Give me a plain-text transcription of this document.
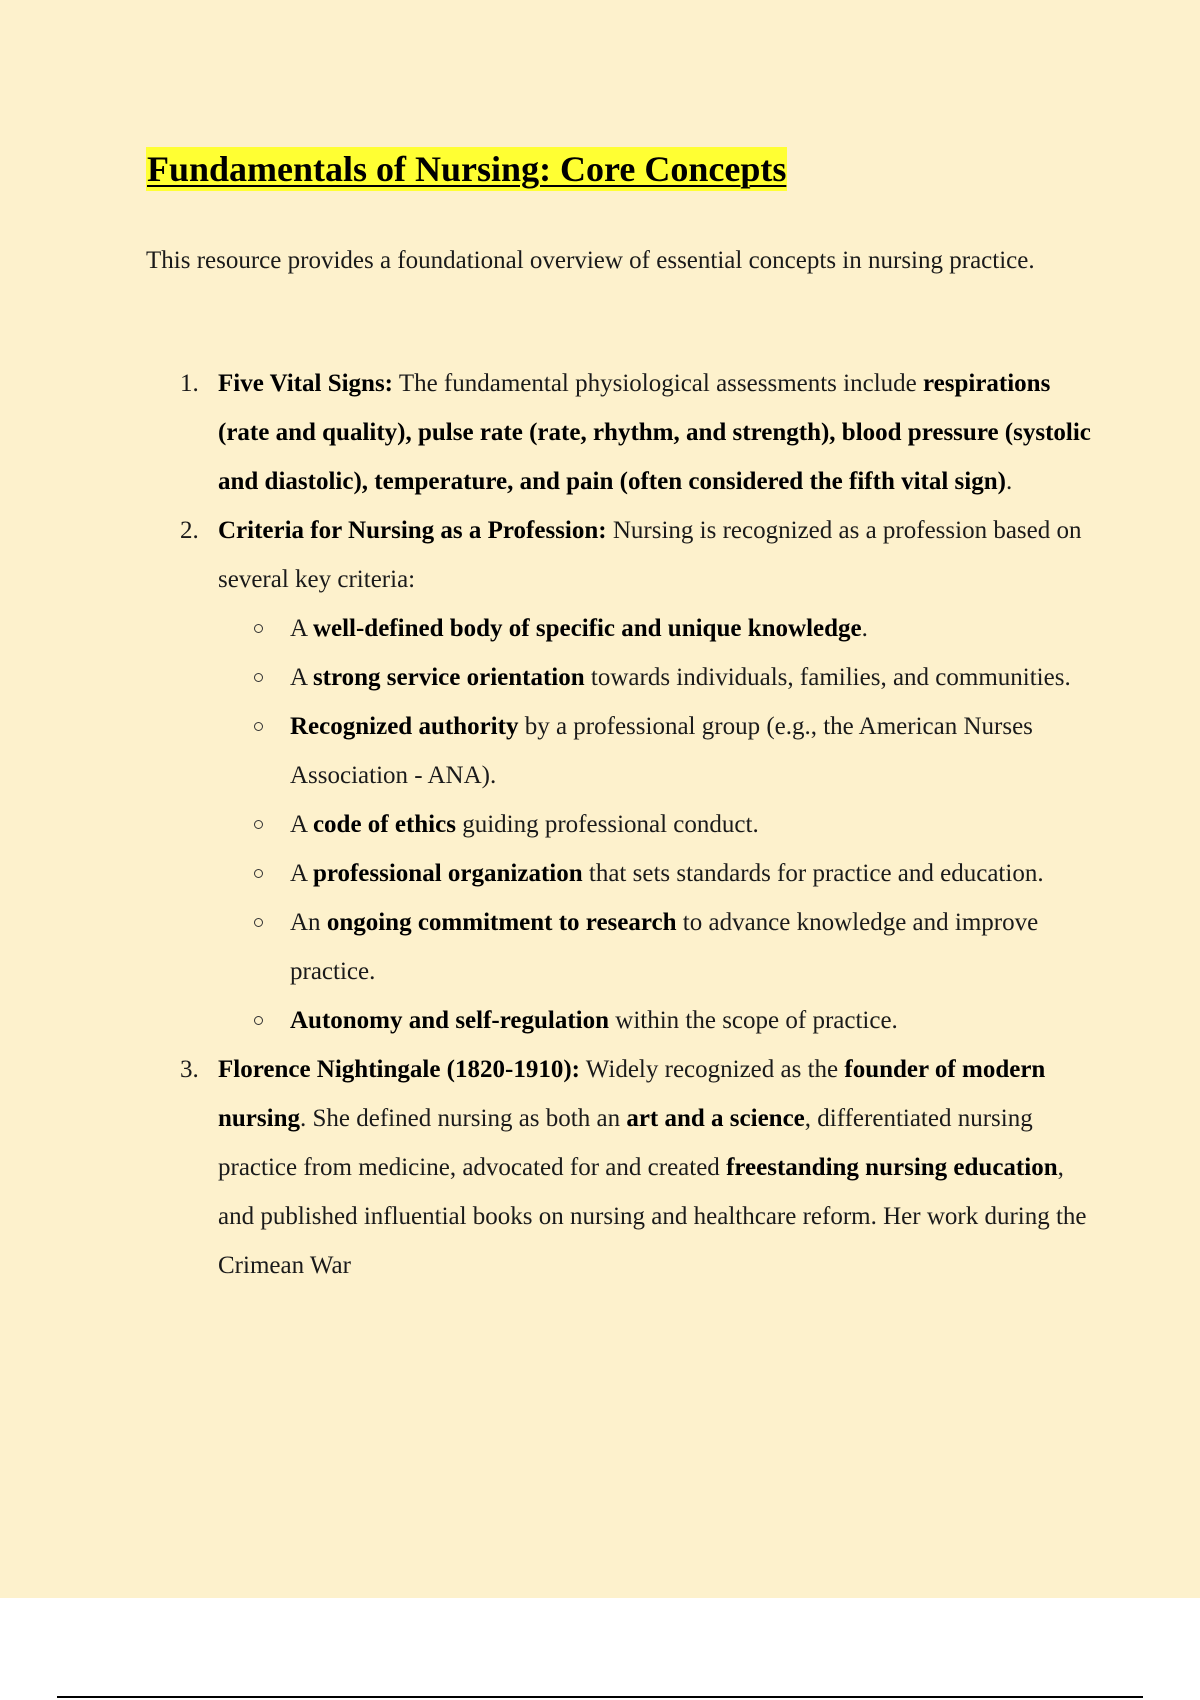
Fundamentals of Nursing: Core Concepts

This resource provides a foundational overview of essential concepts in nursing practice.

1. Five Vital Signs: The fundamental physiological assessments include respirations (rate and quality), pulse rate (rate, rhythm, and strength), blood pressure (systolic and diastolic), temperature, and pain (often considered the fifth vital sign).
2. Criteria for Nursing as a Profession: Nursing is recognized as a profession based on several key criteria:
A well-defined body of specific and unique knowledge.
A strong service orientation towards individuals, families, and communities.
Recognized authority by a professional group (e.g., the American Nurses Association - ANA).
A code of ethics guiding professional conduct.
A professional organization that sets standards for practice and education.
An ongoing commitment to research to advance knowledge and improve practice.
Autonomy and self-regulation within the scope of practice.
3. Florence Nightingale (1820-1910): Widely recognized as the founder of modern nursing. She defined nursing as both an art and a science, differentiated nursing practice from medicine, advocated for and created freestanding nursing education, and published influential books on nursing and healthcare reform. Her work during the Crimean War
